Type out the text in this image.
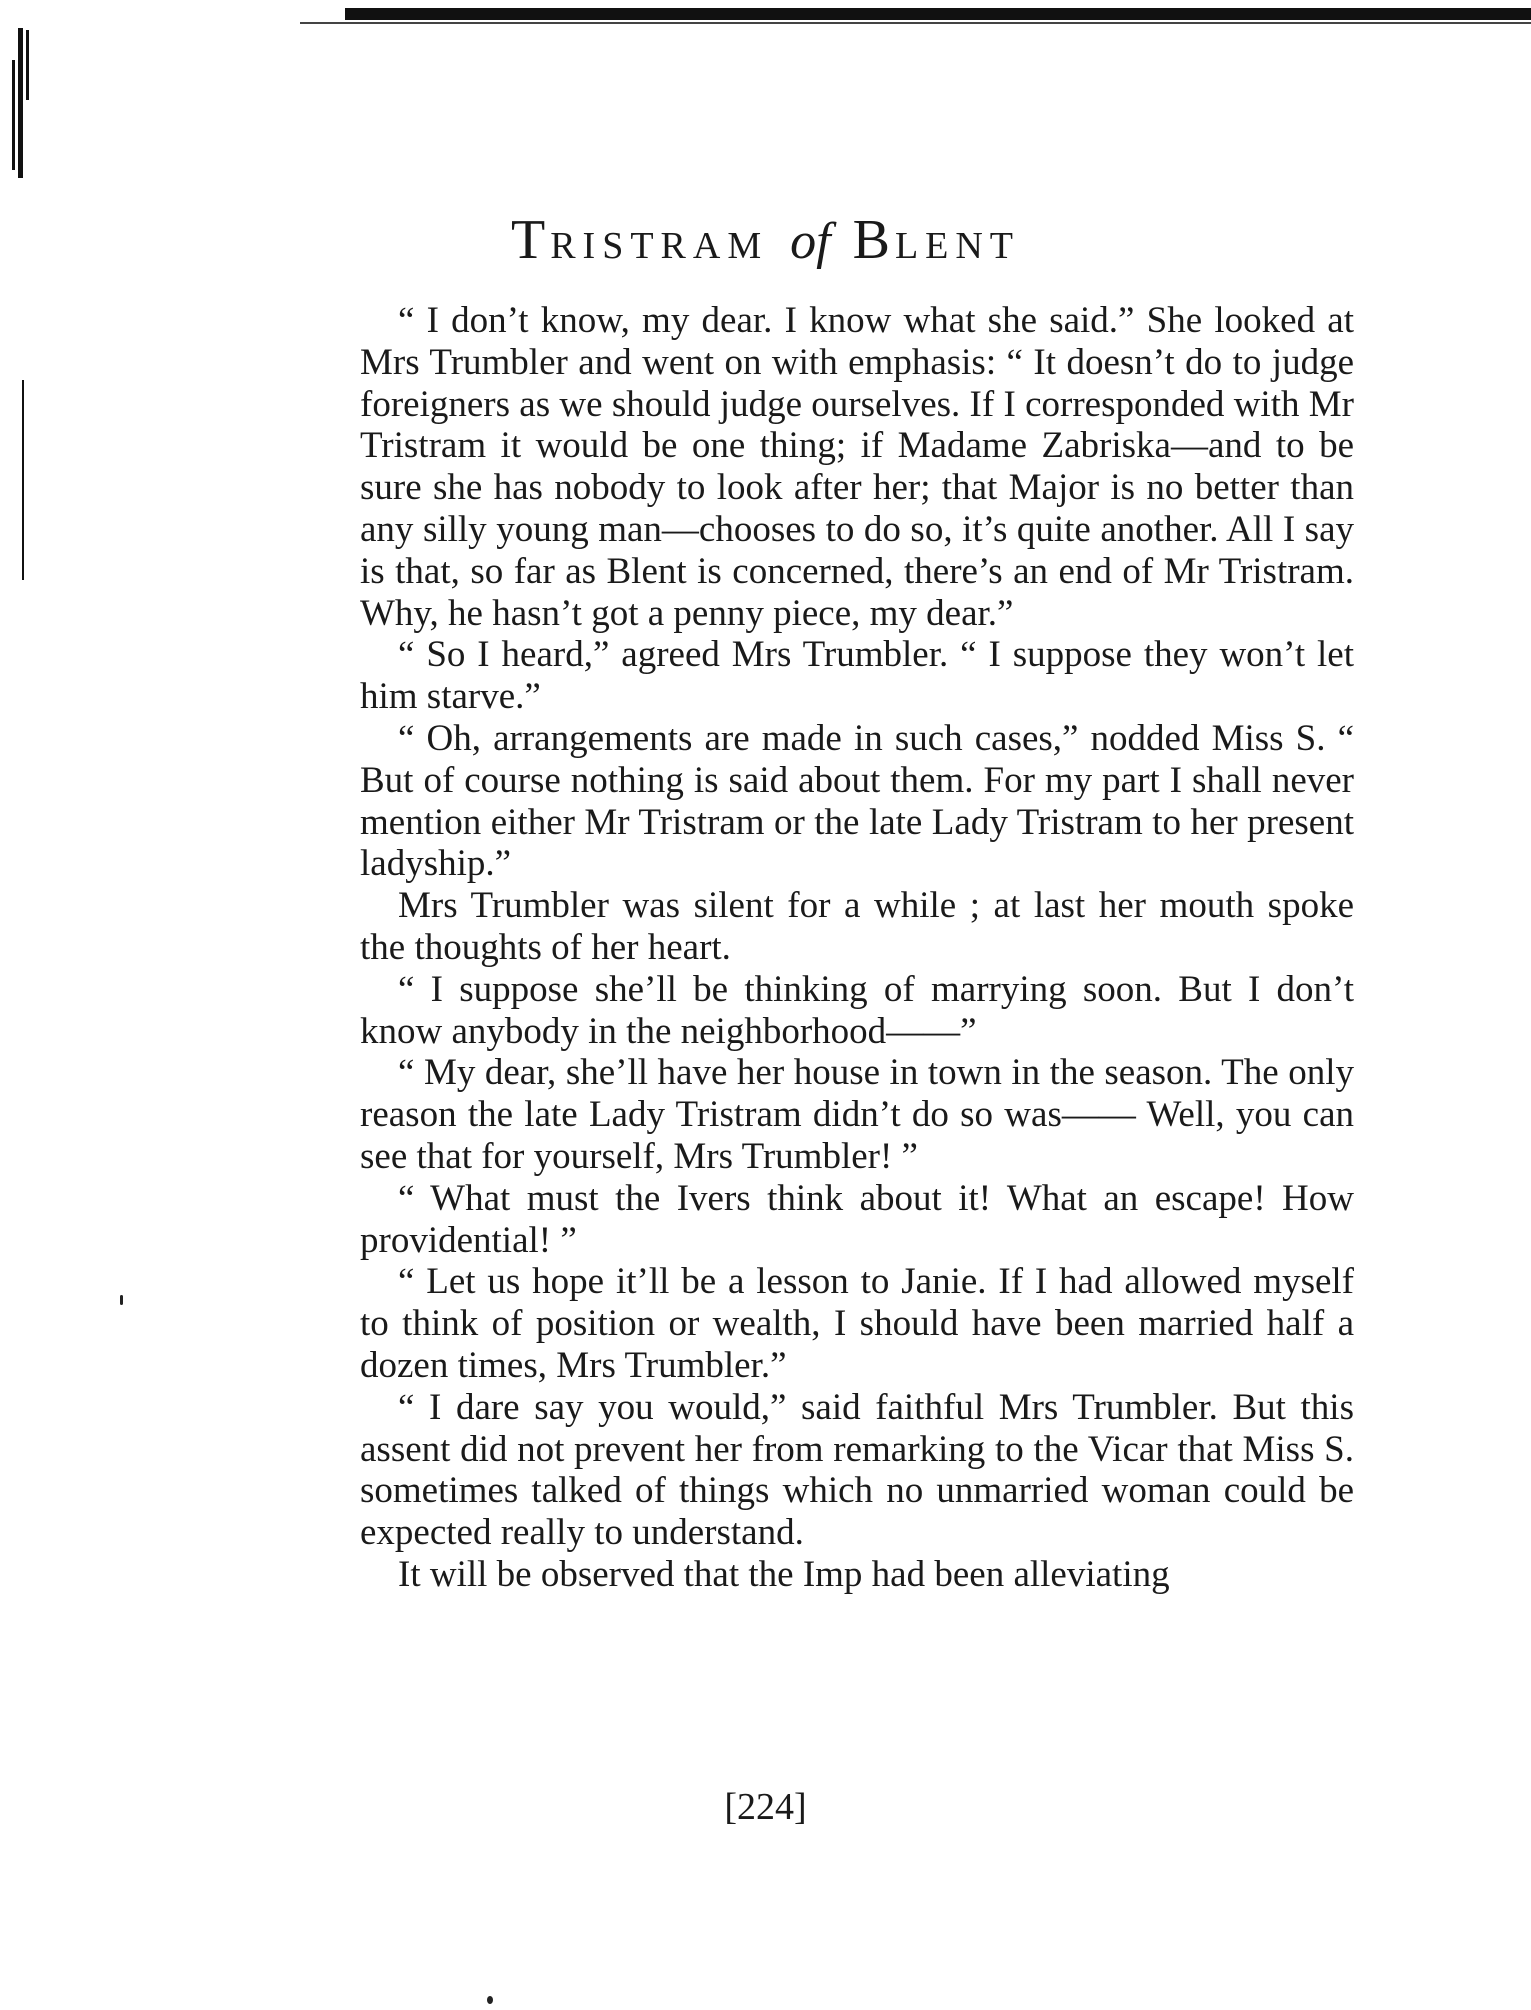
TRISTRAM of BLENT

“ I don’t know, my dear. I know what she said.” She looked at Mrs Trumbler and went on with emphasis: “ It doesn’t do to judge foreigners as we should judge ourselves. If I corresponded with Mr Tristram it would be one thing; if Madame Zabriska—and to be sure she has nobody to look after her; that Major is no better than any silly young man—chooses to do so, it’s quite another. All I say is that, so far as Blent is concerned, there’s an end of Mr Tristram. Why, he hasn’t got a penny piece, my dear.”

“ So I heard,” agreed Mrs Trumbler. “ I suppose they won’t let him starve.”

“ Oh, arrangements are made in such cases,” nodded Miss S. “ But of course nothing is said about them. For my part I shall never mention either Mr Tristram or the late Lady Tristram to her present ladyship.”

Mrs Trumbler was silent for a while ; at last her mouth spoke the thoughts of her heart.

“ I suppose she’ll be thinking of marrying soon. But I don’t know anybody in the neighborhood——”

“ My dear, she’ll have her house in town in the season. The only reason the late Lady Tristram didn’t do so was—— Well, you can see that for yourself, Mrs Trumbler! ”

“ What must the Ivers think about it! What an escape! How providential! ”

“ Let us hope it’ll be a lesson to Janie. If I had allowed myself to think of position or wealth, I should have been married half a dozen times, Mrs Trumbler.”

“ I dare say you would,” said faithful Mrs Trumbler. But this assent did not prevent her from remarking to the Vicar that Miss S. sometimes talked of things which no unmarried woman could be expected really to understand.

It will be observed that the Imp had been alleviating

[224]
